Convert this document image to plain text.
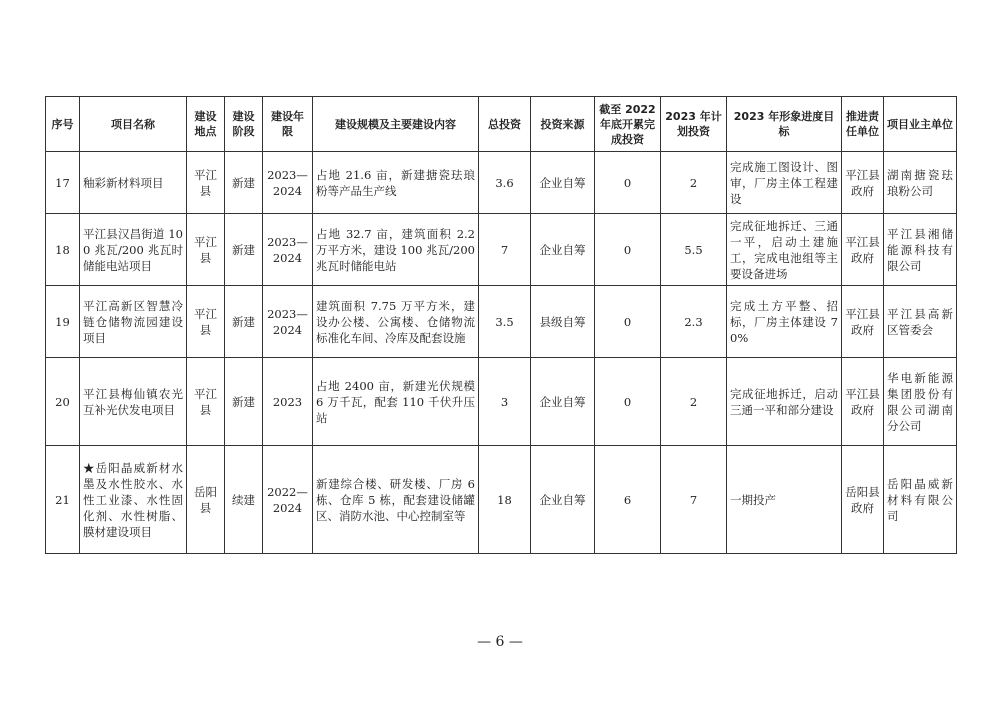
序号	项目名称	建设地点	建设阶段	建设年限	建设规模及主要建设内容	总投资	投资来源	截至 2022 年底开累完成投资	2023 年计划投资	2023 年形象进度目标	推进责任单位	项目业主单位
17	釉彩新材料项目	平江县	新建	2023—2024	占地 21.6 亩，新建搪瓷珐琅粉等产品生产线	3.6	企业自筹	0	2	完成施工图设计、图审，厂房主体工程建设	平江县政府	湖南搪瓷珐琅粉公司
18	平江县汉昌街道 100 兆瓦/200 兆瓦时储能电站项目	平江县	新建	2023—2024	占地 32.7 亩，建筑面积 2.2 万平方米，建设 100 兆瓦/200 兆瓦时储能电站	7	企业自筹	0	5.5	完成征地拆迁、三通一平，启动土建施工，完成电池组等主要设备进场	平江县政府	平江县湘储能源科技有限公司
19	平江高新区智慧冷链仓储物流园建设项目	平江县	新建	2023—2024	建筑面积 7.75 万平方米，建设办公楼、公寓楼、仓储物流标准化车间、冷库及配套设施	3.5	县级自筹	0	2.3	完成土方平整、招标，厂房主体建设 70%	平江县政府	平江县高新区管委会
20	平江县梅仙镇农光互补光伏发电项目	平江县	新建	2023	占地 2400 亩，新建光伏规模 6 万千瓦，配套 110 千伏升压站	3	企业自筹	0	2	完成征地拆迁，启动三通一平和部分建设	平江县政府	华电新能源集团股份有限公司湖南分公司
21	★岳阳晶威新材水墨及水性胶水、水性工业漆、水性固化剂、水性树脂、膜材建设项目	岳阳县	续建	2022—2024	新建综合楼、研发楼、厂房 6 栋、仓库 5 栋，配套建设储罐区、消防水池、中心控制室等	18	企业自筹	6	7	一期投产	岳阳县政府	岳阳晶威新材料有限公司
— 6 —
